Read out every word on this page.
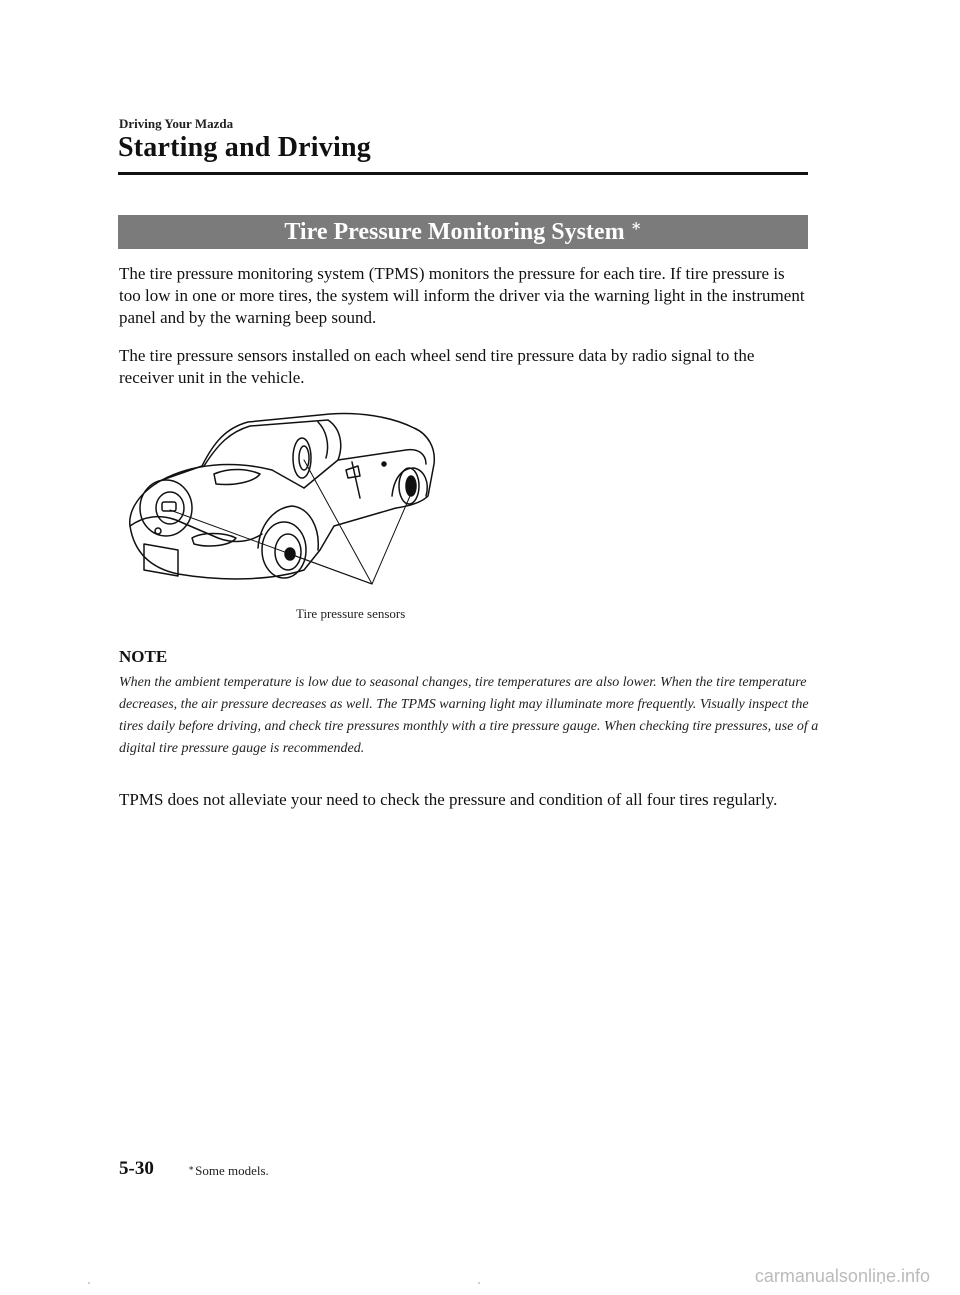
Driving Your Mazda
Starting and Driving
Tire Pressure Monitoring System ∗
The tire pressure monitoring system (TPMS) monitors the pressure for each tire. If tire pressure is too low in one or more tires, the system will inform the driver via the warning light in the instrument panel and by the warning beep sound.
The tire pressure sensors installed on each wheel send tire pressure data by radio signal to the receiver unit in the vehicle.
Tire pressure sensors
NOTE
When the ambient temperature is low due to seasonal changes, tire temperatures are also lower. When the tire temperature decreases, the air pressure decreases as well. The TPMS warning light may illuminate more frequently. Visually inspect the tires daily before driving, and check tire pressures monthly with a tire pressure gauge. When checking tire pressures, use of a digital tire pressure gauge is recommended.
TPMS does not alleviate your need to check the pressure and condition of all four tires regularly.
5-30	∗Some models.
carmanualsonline.info
